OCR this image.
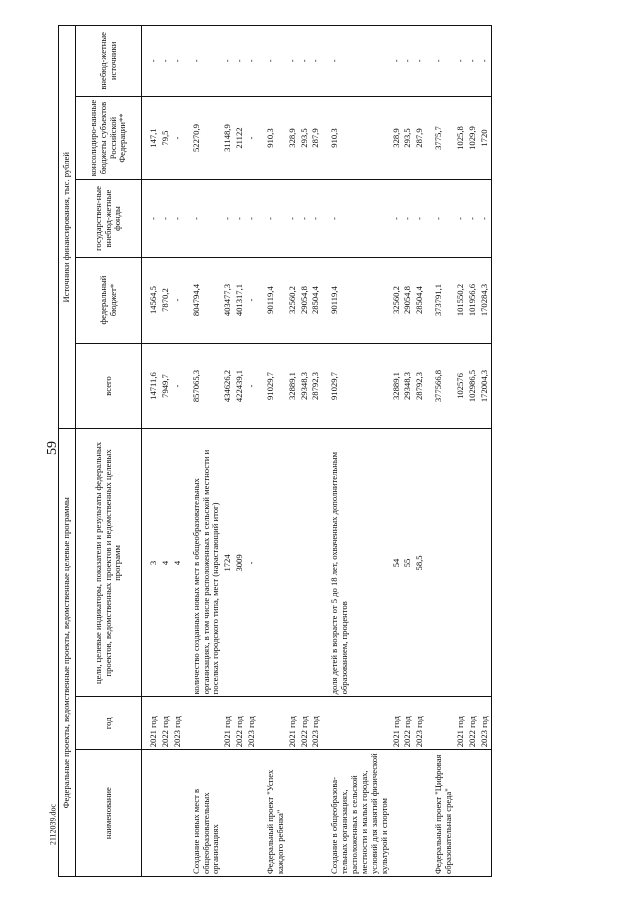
59
2112039.doc
Федеральные проекты, ведомственные проекты, ведомственные целевые программы			Источники финансирования, тыс. рублей				
наименование	год	цели, целевые индикаторы, показатели и результаты федеральных проектов, ведомственных проектов и ведомственных целевых программ	всего	федеральный бюджет*	государствен-ные внебюд-жетные фонды	консолидиро-ванные бюджеты субъектов Российской Федерации**	внебюд-жетные источники
	2021 год	3	14711,6	14564,5	-	147,1	-
	2022 год	4	7949,7	7870,2	-	79,5	-
	2023 год	4	-	-	-	-	-
Создание новых мест в общеобразовательных организациях		количество созданных новых мест в общеобразовательных организациях, в том числе расположенных в сельской местности и поселках городского типа, мест (нарастающий итог)	857065,3	804794,4	-	52270,9	-
	2021 год	1724	434626,2	403477,3	-	31148,9	-
	2022 год	3009	422439,1	401317,1	-	21122	-
	2023 год	-	-	-	-	-	-
Федеральный проект "Успех каждого ребенка"			91029,7	90119,4	-	910,3	-
	2021 год		32889,1	32560,2	-	328,9	-
	2022 год		29348,3	29054,8	-	293,5	-
	2023 год		28792,3	28504,4	-	287,9	-
Создание в общеобразова-тельных организациях, расположенных в сельской местности и малых городах, условий для занятий физической культурой и спортом		доля детей в возрасте от 5 до 18 лет, охваченных дополнительным образованием, процентов	91029,7	90119,4	-	910,3	-
	2021 год	54	32889,1	32560,2	-	328,9	-
	2022 год	55	29348,3	29054,8	-	293,5	-
	2023 год	58,5	28792,3	28504,4	-	287,9	-
Федеральный проект "Цифровая образовательная среда"			377566,8	373791,1	-	3775,7	-
	2021 год		102576	101550,2	-	1025,8	-
	2022 год		102986,5	101956,6	-	1029,9	-
	2023 год		172004,3	170284,3	-	1720	-
